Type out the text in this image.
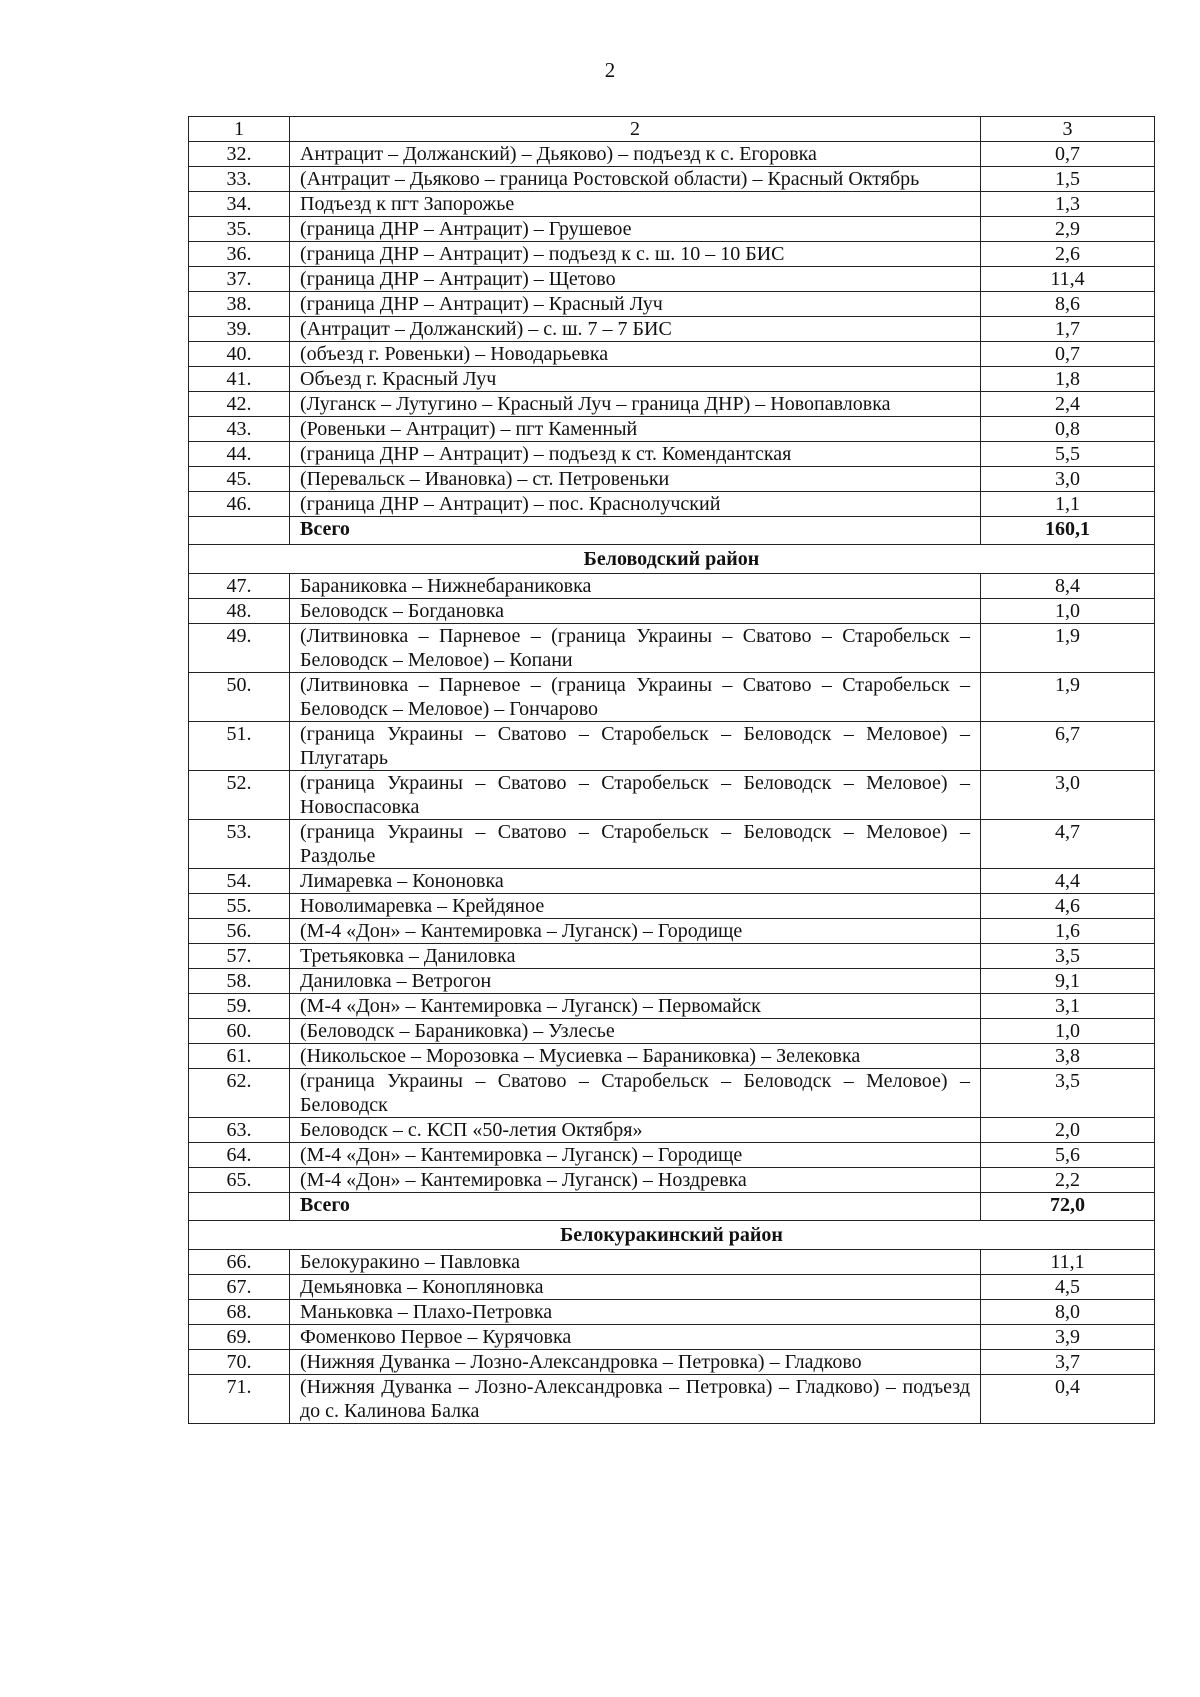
2
1	2	3
32.	Антрацит – Должанский) – Дьяково) – подъезд к с. Егоровка	0,7
33.	(Антрацит – Дьяково – граница Ростовской области) – Красный Октябрь	1,5
34.	Подъезд к пгт Запорожье	1,3
35.	(граница ДНР – Антрацит) – Грушевое	2,9
36.	(граница ДНР – Антрацит) – подъезд к с. ш. 10 – 10 БИС	2,6
37.	(граница ДНР – Антрацит) – Щетово	11,4
38.	(граница ДНР – Антрацит) – Красный Луч	8,6
39.	(Антрацит – Должанский) – с. ш. 7 – 7 БИС	1,7
40.	(объезд г. Ровеньки) – Новодарьевка	0,7
41.	Объезд г. Красный Луч	1,8
42.	(Луганск – Лутугино – Красный Луч – граница ДНР) – Новопавловка	2,4
43.	(Ровеньки – Антрацит) – пгт Каменный	0,8
44.	(граница ДНР – Антрацит) – подъезд к ст. Комендантская	5,5
45.	(Перевальск – Ивановка) – ст. Петровеньки	3,0
46.	(граница ДНР – Антрацит) – пос. Краснолучский	1,1
	Всего	160,1
Беловодский район		
47.	Бараниковка – Нижнебараниковка	8,4
48.	Беловодск – Богдановка	1,0
49.	(Литвиновка – Парневое – (граница Украины – Сватово – Старобельск – Беловодск – Меловое) – Копани	1,9
50.	(Литвиновка – Парневое – (граница Украины – Сватово – Старобельск – Беловодск – Меловое) – Гончарово	1,9
51.	(граница Украины – Сватово – Старобельск – Беловодск – Меловое) – Плугатарь	6,7
52.	(граница Украины – Сватово – Старобельск – Беловодск – Меловое) – Новоспасовка	3,0
53.	(граница Украины – Сватово – Старобельск – Беловодск – Меловое) – Раздолье	4,7
54.	Лимаревка – Кононовка	4,4
55.	Новолимаревка – Крейдяное	4,6
56.	(М-4 «Дон» – Кантемировка – Луганск) – Городище	1,6
57.	Третьяковка – Даниловка	3,5
58.	Даниловка – Ветрогон	9,1
59.	(М-4 «Дон» – Кантемировка – Луганск) – Первомайск	3,1
60.	(Беловодск – Бараниковка) – Узлесье	1,0
61.	(Никольское – Морозовка – Мусиевка – Бараниковка) – Зелековка	3,8
62.	(граница Украины – Сватово – Старобельск – Беловодск – Меловое) – Беловодск	3,5
63.	Беловодск – с. КСП «50-летия Октября»	2,0
64.	(М-4 «Дон» – Кантемировка – Луганск) – Городище	5,6
65.	(М-4 «Дон» – Кантемировка – Луганск) – Ноздревка	2,2
	Всего	72,0
Белокуракинский район		
66.	Белокуракино – Павловка	11,1
67.	Демьяновка – Конопляновка	4,5
68.	Маньковка – Плахо-Петровка	8,0
69.	Фоменково Первое – Курячовка	3,9
70.	(Нижняя Дуванка – Лозно-Александровка – Петровка) – Гладково	3,7
71.	(Нижняя Дуванка – Лозно-Александровка – Петровка) – Гладково) – подъезд до с. Калинова Балка	0,4
